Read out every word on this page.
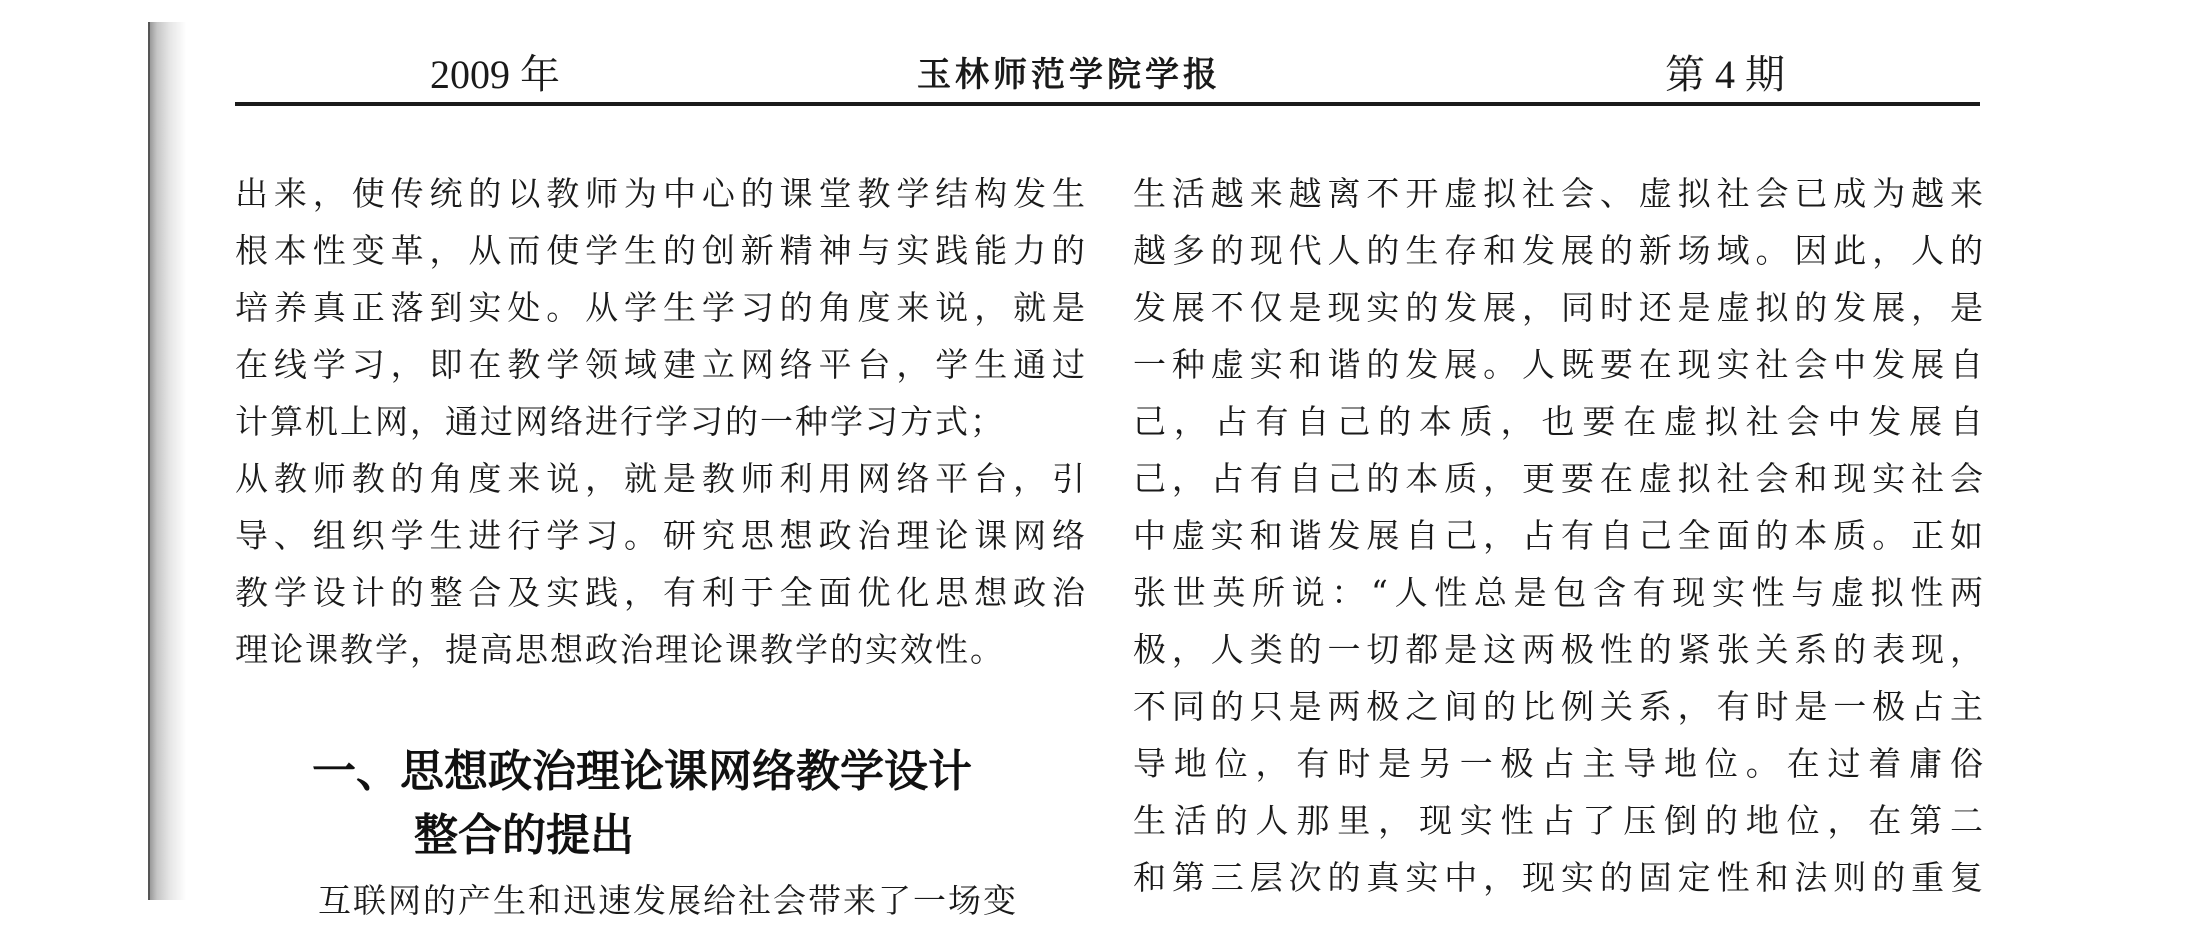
2009 年	玉林师范学院学报	第 4 期
出来，使传统的以教师为中心的课堂教学结构发生
根本性变革，从而使学生的创新精神与实践能力的
培养真正落到实处。从学生学习的角度来说，就是
在线学习，即在教学领域建立网络平台，学生通过
计算机上网，通过网络进行学习的一种学习方式；
从教师教的角度来说，就是教师利用网络平台，引
导、组织学生进行学习。研究思想政治理论课网络
教学设计的整合及实践，有利于全面优化思想政治
理论课教学，提高思想政治理论课教学的实效性。
一、思想政治理论课网络教学设计
整合的提出
互联网的产生和迅速发展给社会带来了一场变
生活越来越离不开虚拟社会、虚拟社会已成为越来
越多的现代人的生存和发展的新场域。因此，人的
发展不仅是现实的发展，同时还是虚拟的发展，是
一种虚实和谐的发展。人既要在现实社会中发展自
己，占有自己的本质，也要在虚拟社会中发展自
己，占有自己的本质，更要在虚拟社会和现实社会
中虚实和谐发展自己，占有自己全面的本质。正如
张世英所说：“人性总是包含有现实性与虚拟性两
极，人类的一切都是这两极性的紧张关系的表现，
不同的只是两极之间的比例关系，有时是一极占主
导地位，有时是另一极占主导地位。在过着庸俗
生活的人那里，现实性占了压倒的地位，在第二
和第三层次的真实中，现实的固定性和法则的重复
